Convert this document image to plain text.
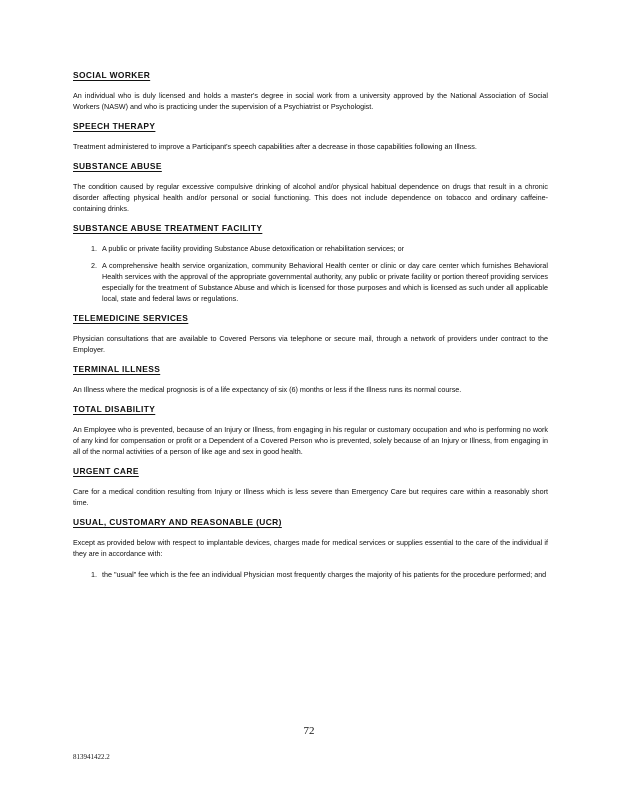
SOCIAL WORKER

An individual who is duly licensed and holds a master's degree in social work from a university approved by the National Association of Social Workers (NASW) and who is practicing under the supervision of a Psychiatrist or Psychologist.

SPEECH THERAPY

Treatment administered to improve a Participant's speech capabilities after a decrease in those capabilities following an Illness.

SUBSTANCE ABUSE

The condition caused by regular excessive compulsive drinking of alcohol and/or physical habitual dependence on drugs that result in a chronic disorder affecting physical health and/or personal or social functioning. This does not include dependence on tobacco and ordinary caffeine-containing drinks.

SUBSTANCE ABUSE TREATMENT FACILITY
1. A public or private facility providing Substance Abuse detoxification or rehabilitation services; or
2. A comprehensive health service organization, community Behavioral Health center or clinic or day care center which furnishes Behavioral Health services with the approval of the appropriate governmental authority, any public or private facility or portion thereof providing services especially for the treatment of Substance Abuse and which is licensed for those purposes and which is licensed as such under all applicable local, state and federal laws or regulations.
TELEMEDICINE SERVICES

Physician consultations that are available to Covered Persons via telephone or secure mail, through a network of providers under contract to the Employer.

TERMINAL ILLNESS

An Illness where the medical prognosis is of a life expectancy of six (6) months or less if the Illness runs its normal course.

TOTAL DISABILITY

An Employee who is prevented, because of an Injury or Illness, from engaging in his regular or customary occupation and who is performing no work of any kind for compensation or profit or a Dependent of a Covered Person who is prevented, solely because of an Injury or Illness, from engaging in all of the normal activities of a person of like age and sex in good health.

URGENT CARE

Care for a medical condition resulting from Injury or Illness which is less severe than Emergency Care but requires care within a reasonably short time.

USUAL, CUSTOMARY AND REASONABLE (UCR)

Except as provided below with respect to implantable devices, charges made for medical services or supplies essential to the care of the individual if they are in accordance with:

1. the "usual" fee which is the fee an individual Physician most frequently charges the majority of his patients for the procedure performed; and
72
813941422.2
